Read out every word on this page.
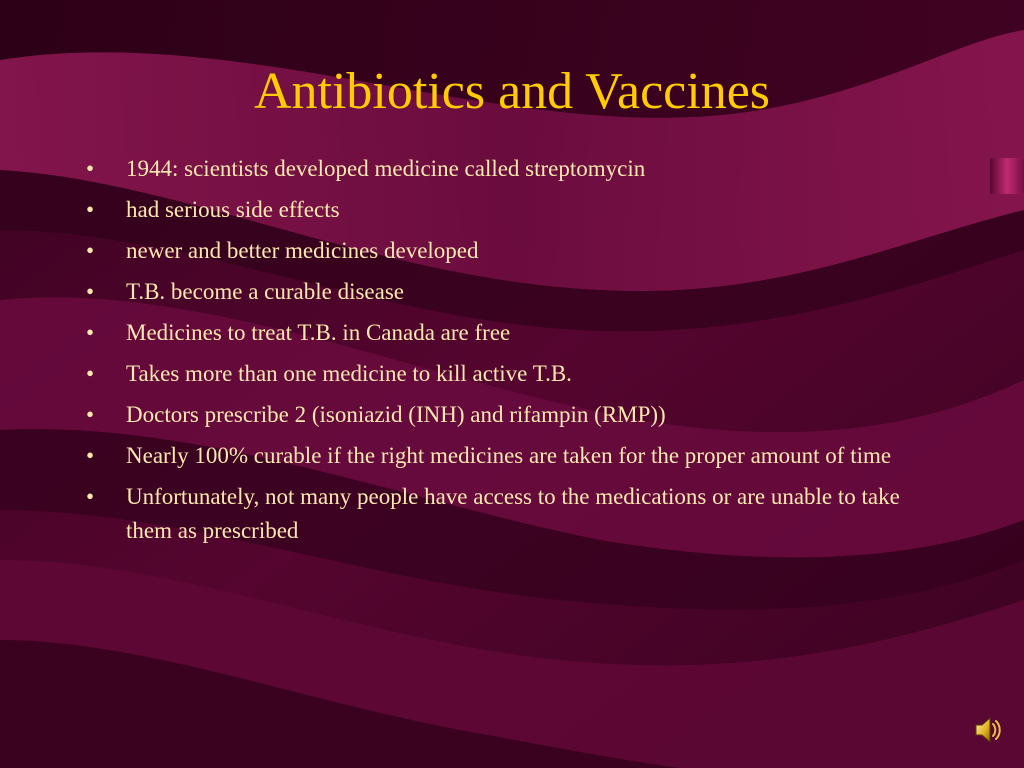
Antibiotics and Vaccines
• 1944: scientists developed medicine called streptomycin
• had serious side effects
• newer and better medicines developed
• T.B. become a curable disease
• Medicines to treat T.B. in Canada are free
• Takes more than one medicine to kill active T.B.
• Doctors prescribe 2 (isoniazid (INH) and rifampin (RMP))
• Nearly 100% curable if the right medicines are taken for the proper amount of time
• Unfortunately, not many people have access to the medications or are unable to take them as prescribed
